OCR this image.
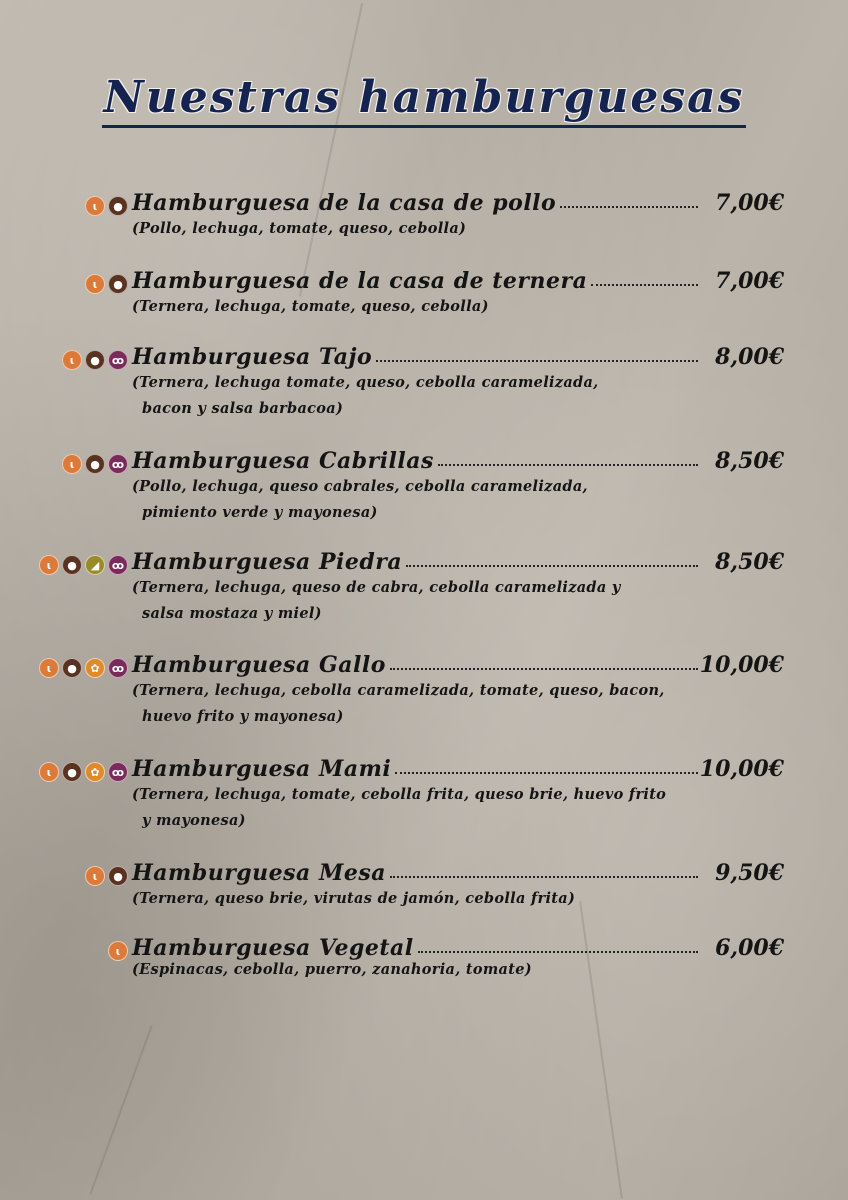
Nuestras hamburguesas
ɩ	● Hamburguesa de la casa de pollo	7,00€
(Pollo, lechuga, tomate, queso, cebolla)
ɩ	● Hamburguesa de la casa de ternera	7,00€
(Ternera, lechuga, tomate, queso, cebolla)
ɩ	●	ꝏ Hamburguesa Tajo	8,00€
(Ternera, lechuga tomate, queso, cebolla caramelizada,
bacon y salsa barbacoa)
ɩ	●	ꝏ Hamburguesa Cabrillas	8,50€
(Pollo, lechuga, queso cabrales, cebolla caramelizada,
pimiento verde y mayonesa)
ɩ	●	◢	ꝏ Hamburguesa Piedra	8,50€
(Ternera, lechuga, queso de cabra, cebolla caramelizada y
salsa mostaza y miel)
ɩ	●	✿	ꝏ Hamburguesa Gallo	10,00€
(Ternera, lechuga, cebolla caramelizada, tomate, queso, bacon,
huevo frito y mayonesa)
ɩ	●	✿	ꝏ Hamburguesa Mami	10,00€
(Ternera, lechuga, tomate, cebolla frita, queso brie, huevo frito
y mayonesa)
ɩ	● Hamburguesa Mesa	9,50€
(Ternera, queso brie, virutas de jamón, cebolla frita)
ɩ Hamburguesa Vegetal	6,00€
(Espinacas, cebolla, puerro, zanahoria, tomate)
